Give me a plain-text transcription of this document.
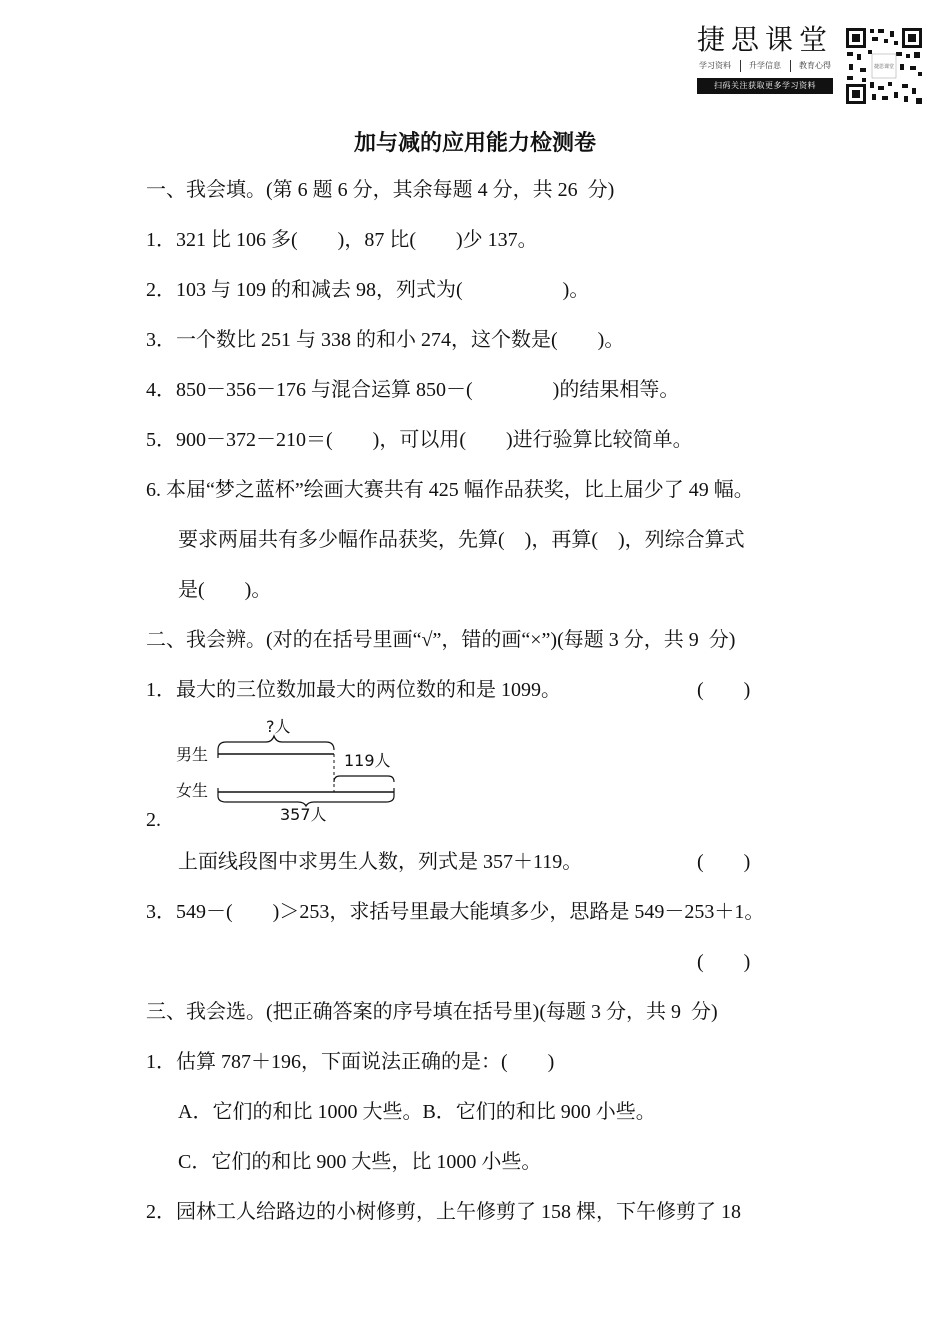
捷思课堂
学习资料 升学信息 教育心得
扫码关注获取更多学习资料
捷思课堂
加与减的应用能力检测卷
一、我会填。(第 6 题 6 分，其余每题 4 分，共 26  分)
1．321 比 106 多(　　)，87 比(　　)少 137。
2．103 与 109 的和减去 98，列式为(　　　　　)。
3．一个数比 251 与 338 的和小 274，这个数是(　　)。
4．850－356－176 与混合运算 850－(　　　　)的结果相等。
5．900－372－210＝(　　)，可以用(　　)进行验算比较简单。
6. 本届“梦之蓝杯”绘画大赛共有 425 幅作品获奖，比上届少了 49 幅。
要求两届共有多少幅作品获奖，先算(　)，再算(　)，列综合算式
是(　　)。
二、我会辨。(对的在括号里画“√”，错的画“×”)(每题 3 分，共 9  分)
1．最大的三位数加最大的两位数的和是 1099。	(　　)
?人
男生
女生
119人
357人
2.
上面线段图中求男生人数，列式是 357＋119。	(　　)
3．549－(　　)＞253，求括号里最大能填多少，思路是 549－253＋1。
(　　)
三、我会选。(把正确答案的序号填在括号里)(每题 3 分，共 9  分)
1．估算 787＋196，下面说法正确的是：(　　)
A．它们的和比 1000 大些。B．它们的和比 900 小些。
C．它们的和比 900 大些，比 1000 小些。
2．园林工人给路边的小树修剪，上午修剪了 158 棵，下午修剪了 18
